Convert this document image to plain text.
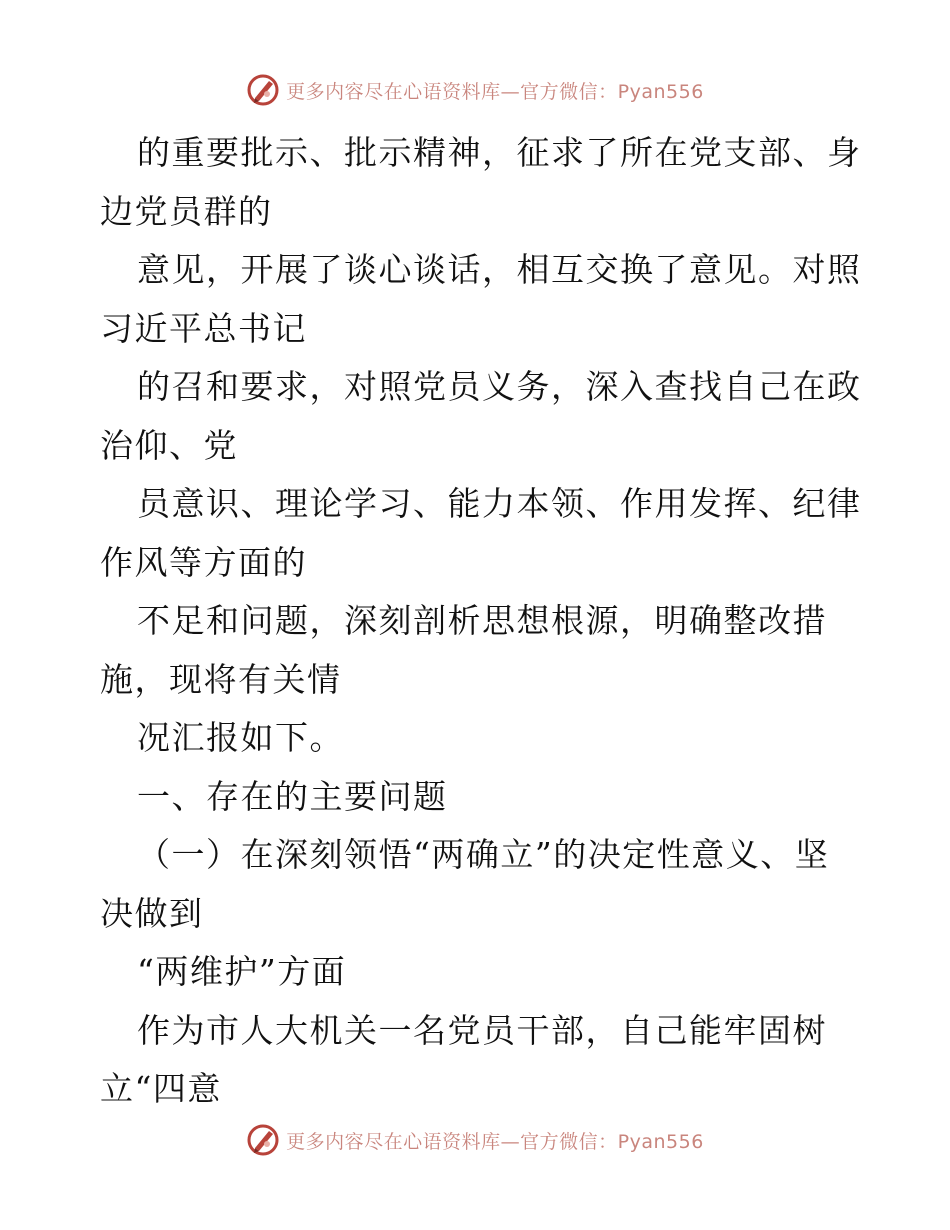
更多内容尽在心语资料库—官方微信：Pyan556
的重要批示、批示精神，征求了所在党支部、身
边党员群的
意见，开展了谈心谈话，相互交换了意见。对照
习近平总书记
的召和要求，对照党员义务，深入查找自己在政
治仰、党
员意识、理论学习、能力本领、作用发挥、纪律
作风等方面的
不足和问题，深刻剖析思想根源，明确整改措
施，现将有关情
况汇报如下。
一、存在的主要问题
（一）在深刻领悟“两确立”的决定性意义、坚
决做到
“两维护”方面
作为市人大机关一名党员干部，自己能牢固树
立“四意
更多内容尽在心语资料库—官方微信：Pyan556
